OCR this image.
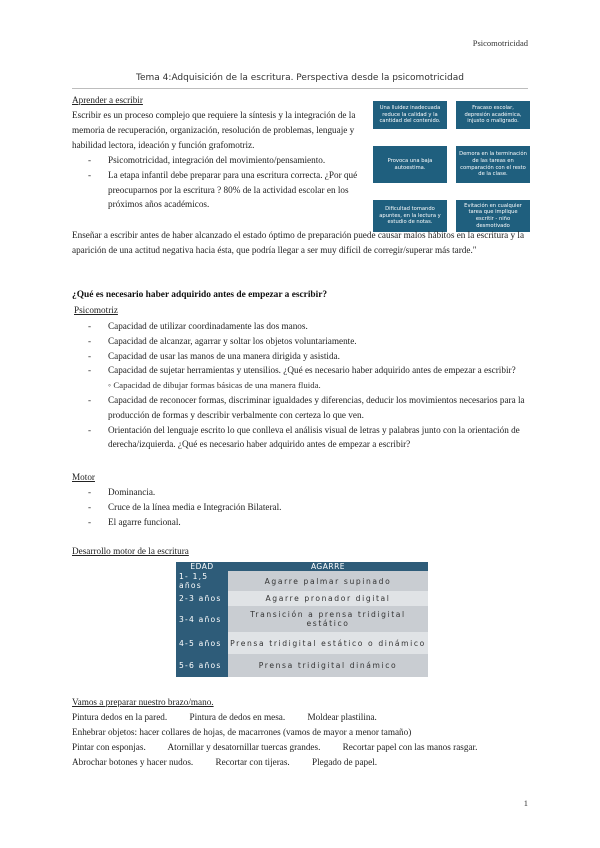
Psicomotricidad
Tema 4:Adquisición de la escritura. Perspectiva desde la psicomotricidad
Aprender a escribir
Escribir es un proceso complejo que requiere la síntesis y la integración de la memoria de recuperación, organización, resolución de problemas, lenguaje y habilidad lectora, ideación y función grafomotriz.
- Psicomotricidad, integración del movimiento/pensamiento.
- La etapa infantil debe preparar para una escritura correcta. ¿Por qué preocuparnos por la escritura ? 80% de la actividad escolar en los próximos años académicos.
Una lluidez inadecuada reduce la calidad y la cantidad del contenido.
Fracaso escolar, depresión académica, injusto o maligrado.
Provoca una baja autoestima.
Demora en la terminación de las tareas en comparación con el resto de la clase.
Dificultad tomando apuntes, en la lectura y estudio de notas.
Evitación en cualquier tarea que implique escritir - niño desmotivado
Enseñar a escribir antes de haber alcanzado el estado óptimo de preparación puede causar malos hábitos en la escritura y la aparición de una actitud negativa hacia ésta, que podría llegar a ser muy difícil de corregir/superar más tarde."
¿Qué es necesario haber adquirido antes de empezar a escribir?
Psicomotriz
- Capacidad de utilizar coordinadamente las dos manos.
- Capacidad de alcanzar, agarrar y soltar los objetos voluntariamente.
- Capacidad de usar las manos de una manera dirigida y asistida.
- Capacidad de sujetar herramientas y utensilios. ¿Qué es necesario haber adquirido antes de empezar a escribir?
◦ Capacidad de dibujar formas básicas de una manera fluida.
- Capacidad de reconocer formas, discriminar igualdades y diferencias, deducir los movimientos necesarios para la producción de formas y describir verbalmente con certeza lo que ven.
- Orientación del lenguaje escrito lo que conlleva el análisis visual de letras y palabras junto con la orientación de derecha/izquierda. ¿Qué es necesario haber adquirido antes de empezar a escribir?
Motor
- Dominancia.
- Cruce de la línea media e Integración Bilateral.
- El agarre funcional.
Desarrollo motor de la escritura
EDAD	AGARRE
1- 1,5 años	Agarre palmar supinado
2-3 años	Agarre pronador digital
3-4 años	Transición a prensa tridigital estático
4-5 años	Prensa tridigital estático o dinámico
5-6 años	Prensa tridigital dinámico
Vamos a preparar nuestro brazo/mano.
Pintura dedos en la pared. Pintura de dedos en mesa. Moldear plastilina.
Enhebrar objetos: hacer collares de hojas, de macarrones (vamos de mayor a menor tamaño)
Pintar con esponjas. Atornillar y desatornillar tuercas grandes. Recortar papel con las manos rasgar.
Abrochar botones y hacer nudos. Recortar con tijeras. Plegado de papel.
1
